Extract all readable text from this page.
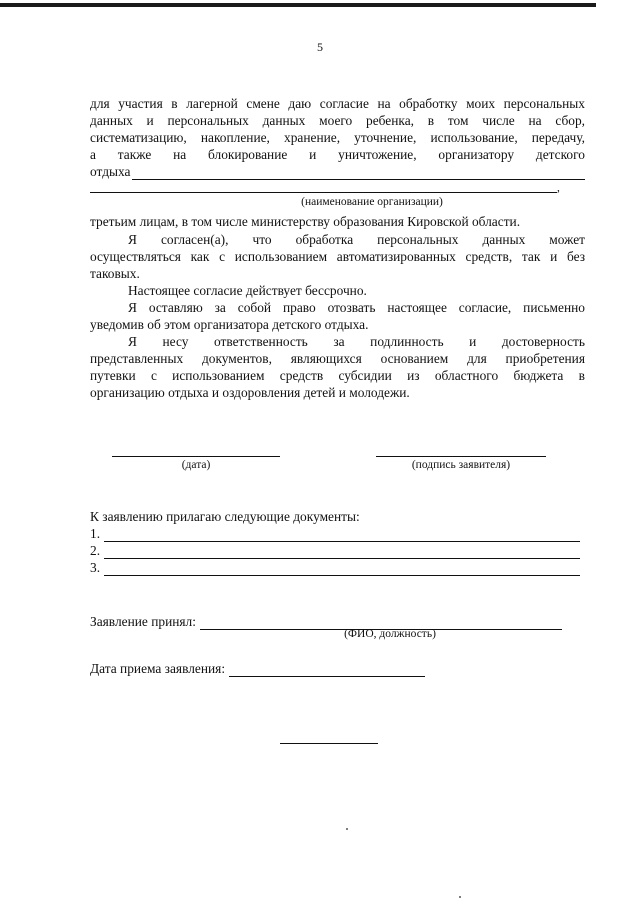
5
для участия в лагерной смене даю согласие на обработку моих персональных
данных и персональных данных моего ребенка, в том числе на сбор,
систематизацию, накопление, хранение, уточнение, использование, передачу,
а также на блокирование и уничтожение, организатору детского
отдыха
,
(наименование организации)
третьим лицам, в том числе министерству образования Кировской области.
Я согласен(а), что обработка персональных данных может
осуществляться как с использованием автоматизированных средств, так и без
таковых.
Настоящее согласие действует бессрочно.
Я оставляю за собой право отозвать настоящее согласие, письменно
уведомив об этом организатора детского отдыха.
Я несу ответственность за подлинность и достоверность
представленных документов, являющихся основанием для приобретения
путевки с использованием средств субсидии из областного бюджета в
организацию отдыха и оздоровления детей и молодежи.
(дата)	(подпись заявителя)
К заявлению прилагаю следующие документы:
1.
2.
3.
Заявление принял:
(ФИО, должность)
Дата приема заявления:
